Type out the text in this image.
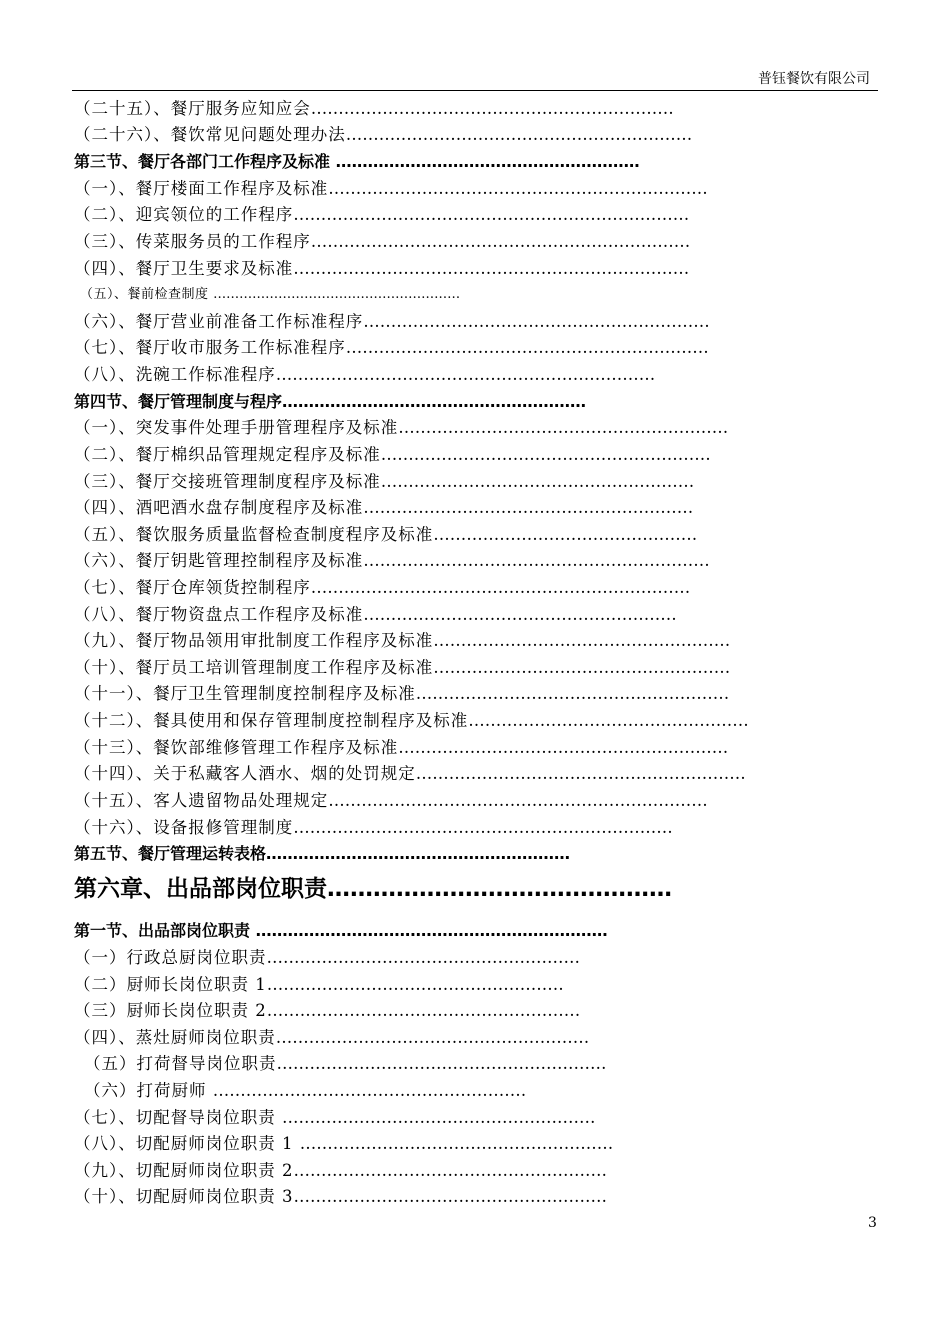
普钰餐饮有限公司
（二十五）、餐厅服务应知应会…………………………………………………………
（二十六）、餐饮常见问题处理办法………………………………………………………
第三节、餐厅各部门工作程序及标准 …………………………………………………
（一）、餐厅楼面工作程序及标准……………………………………………………………
（二）、迎宾领位的工作程序………………………………………………………………
（三）、传菜服务员的工作程序……………………………………………………………
（四）、餐厅卫生要求及标准………………………………………………………………
（五）、餐前检查制度 …………………………………………………
（六）、餐厅营业前准备工作标准程序………………………………………………………
（七）、餐厅收市服务工作标准程序…………………………………………………………
（八）、洗碗工作标准程序……………………………………………………………
第四节、餐厅管理制度与程序…………………………………………………
（一）、突发事件处理手册管理程序及标准……………………………………………………
（二）、餐厅棉织品管理规定程序及标准……………………………………………………
（三）、餐厅交接班管理制度程序及标准…………………………………………………
（四）、酒吧酒水盘存制度程序及标准……………………………………………………
（五）、餐饮服务质量监督检查制度程序及标准…………………………………………
（六）、餐厅钥匙管理控制程序及标准………………………………………………………
（七）、餐厅仓库领货控制程序……………………………………………………………
（八）、餐厅物资盘点工作程序及标准…………………………………………………
（九）、餐厅物品领用审批制度工作程序及标准………………………………………………
（十）、餐厅员工培训管理制度工作程序及标准………………………………………………
（十一）、餐厅卫生管理制度控制程序及标准…………………………………………………
（十二）、餐具使用和保存管理制度控制程序及标准……………………………………………
（十三）、餐饮部维修管理工作程序及标准……………………………………………………
（十四）、关于私藏客人酒水、烟的处罚规定……………………………………………………
（十五）、客人遗留物品处理规定……………………………………………………………
（十六）、设备报修管理制度……………………………………………………………
第五节、餐厅管理运转表格…………………………………………………
第六章、出品部岗位职责………………………………………
第一节、出品部岗位职责 …………………………………………………………
（一）行政总厨岗位职责…………………………………………………
（二）厨师长岗位职责 1………………………………………………
（三）厨师长岗位职责 2…………………………………………………
（四）、蒸灶厨师岗位职责…………………………………………………
（五）打荷督导岗位职责……………………………………………………
（六）打荷厨师 …………………………………………………
（七）、切配督导岗位职责 …………………………………………………
（八）、切配厨师岗位职责 1 …………………………………………………
（九）、切配厨师岗位职责 2…………………………………………………
（十）、切配厨师岗位职责 3…………………………………………………
3
